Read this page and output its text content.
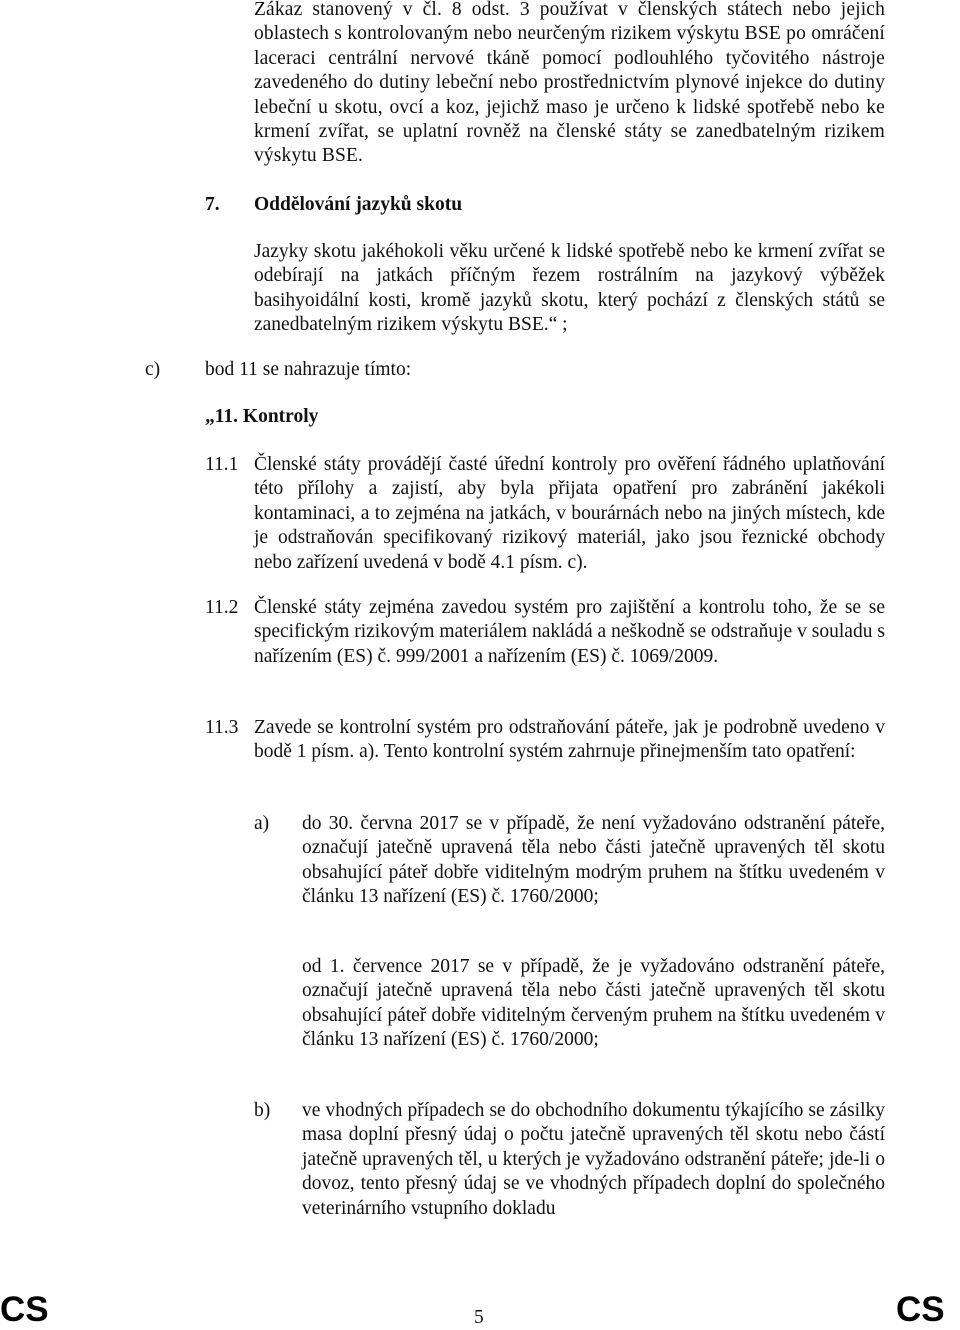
Zákaz stanovený v čl. 8 odst. 3 používat v členských státech nebo jejich oblastech s kontrolovaným nebo neurčeným rizikem výskytu BSE po omráčení laceraci centrální nervové tkáně pomocí podlouhlého tyčovitého nástroje zavedeného do dutiny lebeční nebo prostřednictvím plynové injekce do dutiny lebeční u skotu, ovcí a koz, jejichž maso je určeno k lidské spotřebě nebo ke krmení zvířat, se uplatní rovněž na členské státy se zanedbatelným rizikem výskytu BSE.

7. Oddělování jazyků skotu

Jazyky skotu jakéhokoli věku určené k lidské spotřebě nebo ke krmení zvířat se odebírají na jatkách příčným řezem rostrálním na jazykový výběžek basihyoidální kosti, kromě jazyků skotu, který pochází z členských států se zanedbatelným rizikem výskytu BSE.“ ;

c) bod 11 se nahrazuje tímto:
„11. Kontroly
11.1 Členské státy provádějí časté úřední kontroly pro ověření řádného uplatňování této přílohy a zajistí, aby byla přijata opatření pro zabránění jakékoli kontaminaci, a to zejména na jatkách, v bourárnách nebo na jiných místech, kde je odstraňován specifikovaný rizikový materiál, jako jsou řeznické obchody nebo zařízení uvedená v bodě 4.1 písm. c).
11.2 Členské státy zejména zavedou systém pro zajištění a kontrolu toho, že se se specifickým rizikovým materiálem nakládá a neškodně se odstraňuje v souladu s nařízením (ES) č. 999/2001 a nařízením (ES) č. 1069/2009.
11.3 Zavede se kontrolní systém pro odstraňování páteře, jak je podrobně uvedeno v bodě 1 písm. a). Tento kontrolní systém zahrnuje přinejmenším tato opatření:
a) do 30. června 2017 se v případě, že není vyžadováno odstranění páteře, označují jatečně upravená těla nebo části jatečně upravených těl skotu obsahující páteř dobře viditelným modrým pruhem na štítku uvedeném v článku 13 nařízení (ES) č. 1760/2000;
od 1. července 2017 se v případě, že je vyžadováno odstranění páteře, označují jatečně upravená těla nebo části jatečně upravených těl skotu obsahující páteř dobře viditelným červeným pruhem na štítku uvedeném v článku 13 nařízení (ES) č. 1760/2000;
b) ve vhodných případech se do obchodního dokumentu týkajícího se zásilky masa doplní přesný údaj o počtu jatečně upravených těl skotu nebo částí jatečně upravených těl, u kterých je vyžadováno odstranění páteře; jde-li o dovoz, tento přesný údaj se ve vhodných případech doplní do společného veterinárního vstupního dokladu
CS	5	CS
